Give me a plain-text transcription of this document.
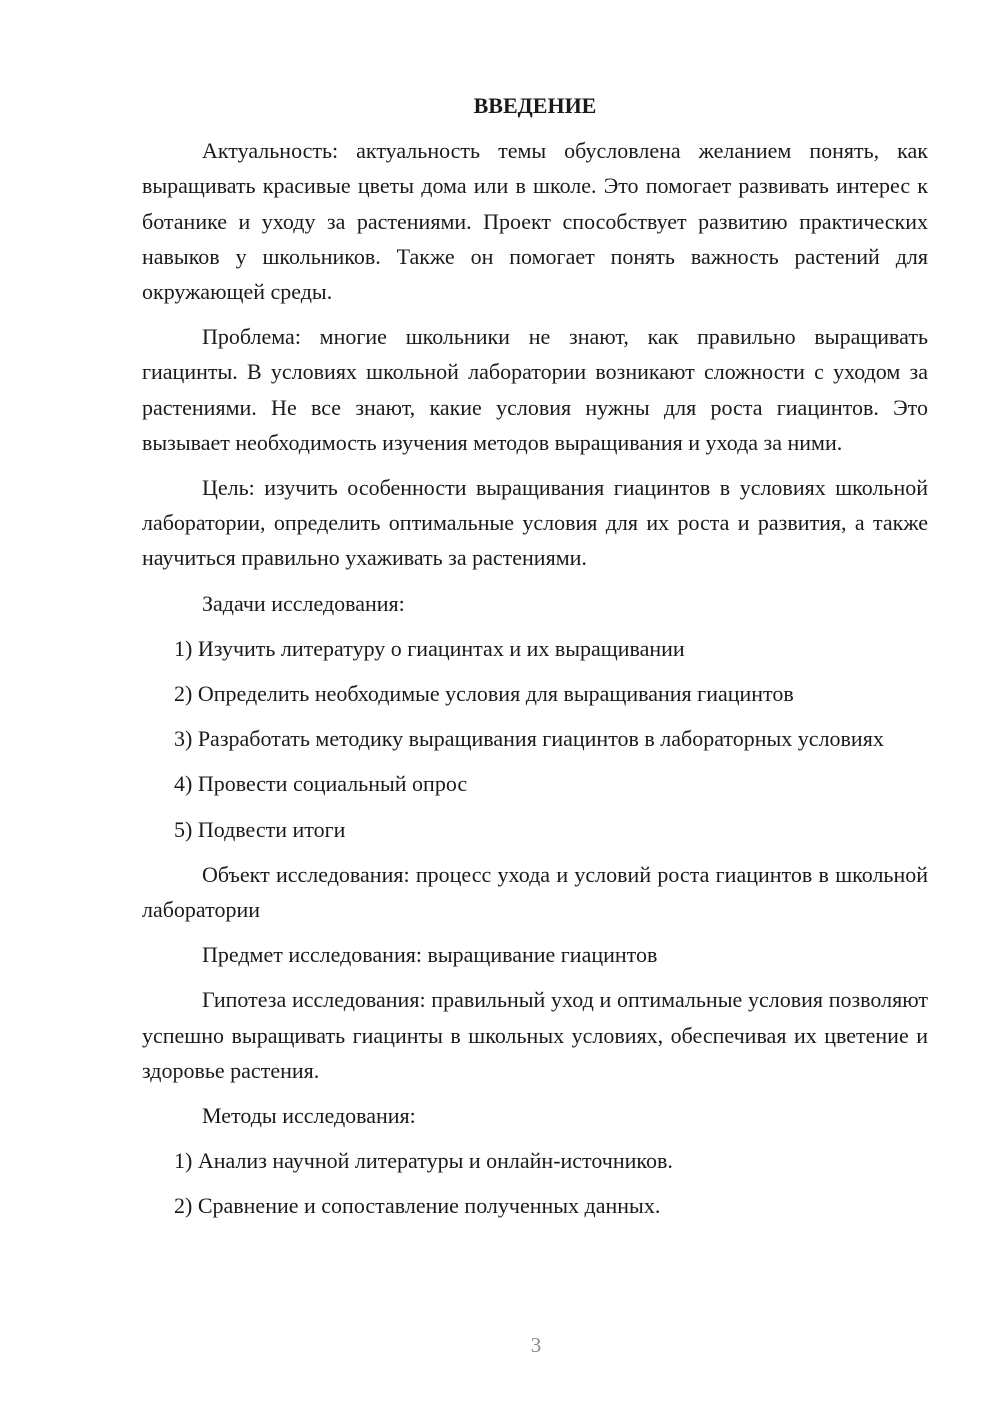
ВВЕДЕНИЕ

Актуальность: актуальность темы обусловлена желанием понять, как выращивать красивые цветы дома или в школе. Это помогает развивать интерес к ботанике и уходу за растениями. Проект способствует развитию практических навыков у школьников. Также он помогает понять важность растений для окружающей среды.

Проблема: многие школьники не знают, как правильно выращивать гиацинты. В условиях школьной лаборатории возникают сложности с уходом за растениями. Не все знают, какие условия нужны для роста гиацинтов. Это вызывает необходимость изучения методов выращивания и ухода за ними.

Цель: изучить особенности выращивания гиацинтов в условиях школьной лаборатории, определить оптимальные условия для их роста и развития, а также научиться правильно ухаживать за растениями.

Задачи исследования:

1) Изучить литературу о гиацинтах и их выращивании

2) Определить необходимые условия для выращивания гиацинтов

3) Разработать методику выращивания гиацинтов в лабораторных условиях

4) Провести социальный опрос

5) Подвести итоги

Объект исследования: процесс ухода и условий роста гиацинтов в школьной лаборатории

Предмет исследования: выращивание гиацинтов

Гипотеза исследования: правильный уход и оптимальные условия позволяют успешно выращивать гиацинты в школьных условиях, обеспечивая их цветение и здоровье растения.

Методы исследования:

1) Анализ научной литературы и онлайн-источников.

2) Сравнение и сопоставление полученных данных.

3
